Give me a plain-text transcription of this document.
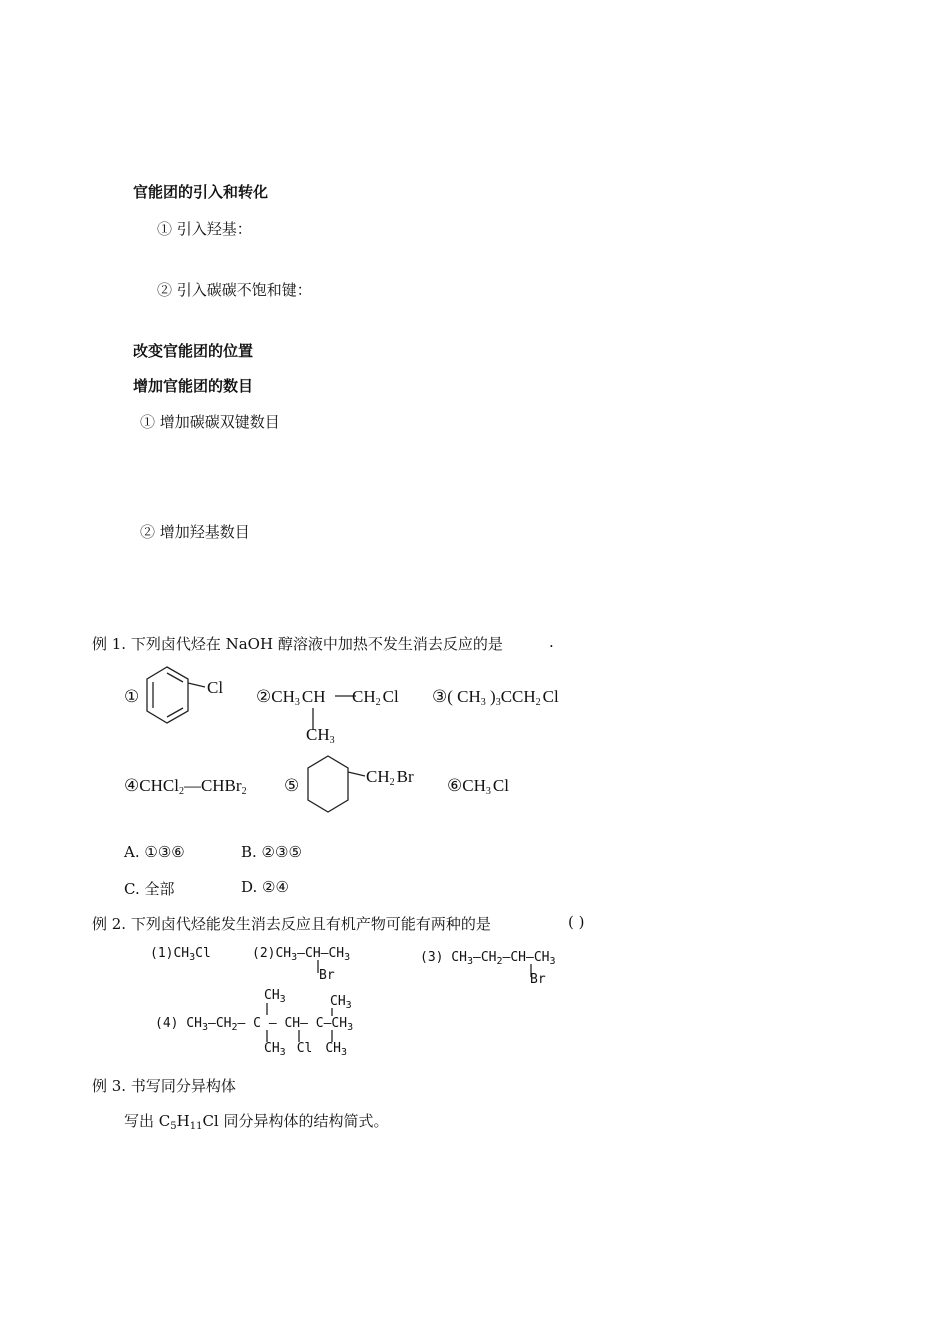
官能团的引入和转化
① 引入羟基：
② 引入碳碳不饱和键：
改变官能团的位置
增加官能团的数目
① 增加碳碳双键数目
② 增加羟基数目
例 1. 下列卤代烃在 NaOH 醇溶液中加热不发生消去反应的是	.
①	Cl $②CH_3$ CH $CH_2$ Cl
$CH_3$
③( $CH_3$ )$_3CCH_2$ Cl
④CHCl$_2$—CHBr$_2$ ⑤	$CH_2$ Br $⑥CH_3$ Cl
A. ①③⑥	B. ②③⑤
C. 全部	D. ②④
例 2. 下列卤代烃能发生消去反应且有机产物可能有两种的是	( )
$(1)CH_3Cl$	$(2)CH_3—CH—CH_3$
Br
(3) $CH_3—CH_2—CH—CH_3$
Br
$CH_3$	$CH_3$
(4) $CH_3—CH_2—$ C — CH— $C—CH_3$
$CH_3$ Cl $CH_3$
例 3. 书写同分异构体
写出 $C_5H_{11}Cl$ 同分异构体的结构简式。
